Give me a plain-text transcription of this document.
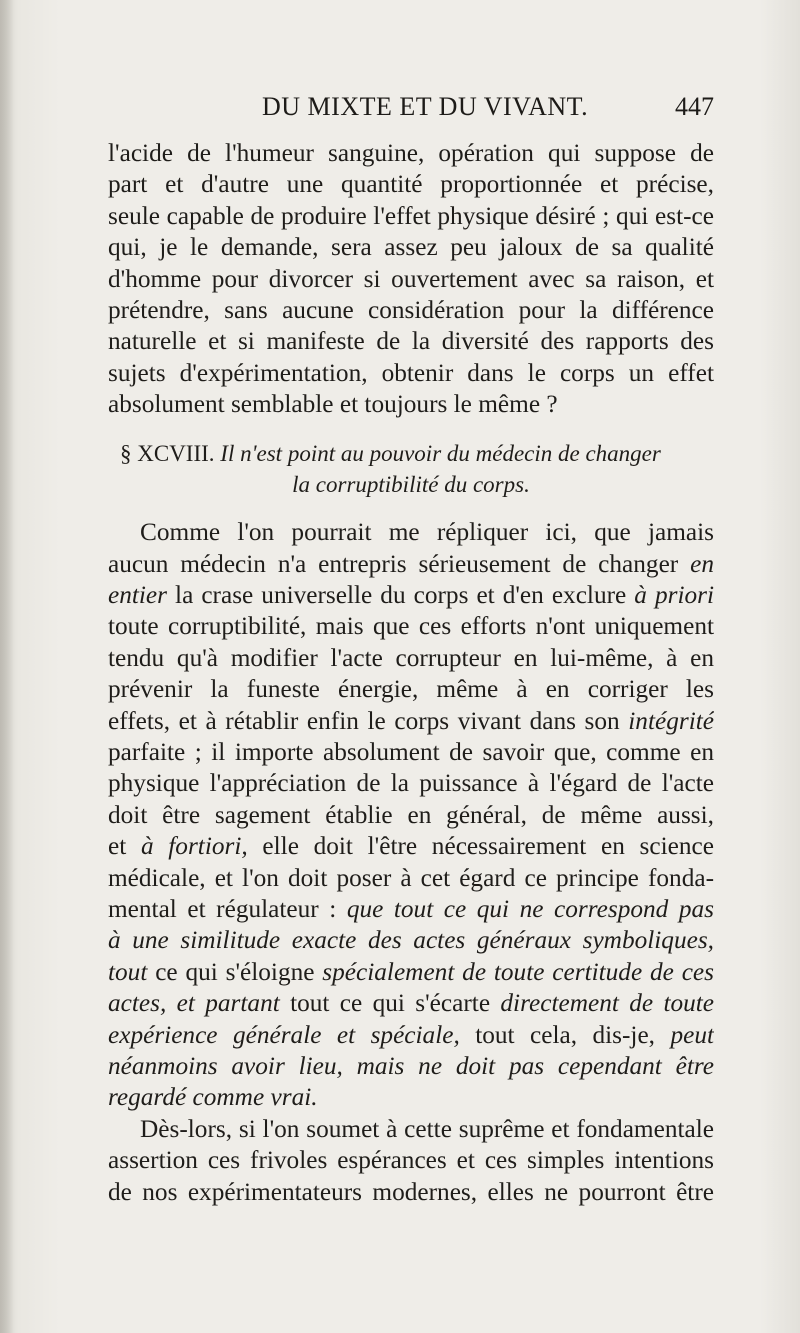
DU MIXTE ET DU VIVANT.	447
l'acide de l'humeur sanguine, opération qui suppose de
part et d'autre une quantité proportionnée et précise,
seule capable de produire l'effet physique désiré ; qui est-ce
qui, je le demande, sera assez peu jaloux de sa qualité
d'homme pour divorcer si ouvertement avec sa raison, et
prétendre, sans aucune considération pour la différence
naturelle et si manifeste de la diversité des rapports des
sujets d'expérimentation, obtenir dans le corps un effet
absolument semblable et toujours le même ?
§ XCVIII. Il n'est point au pouvoir du médecin de changer
la corruptibilité du corps.
Comme l'on pourrait me répliquer ici, que jamais
aucun médecin n'a entrepris sérieusement de changer en
entier la crase universelle du corps et d'en exclure à priori
toute corruptibilité, mais que ces efforts n'ont uniquement
tendu qu'à modifier l'acte corrupteur en lui-même, à en
prévenir la funeste énergie, même à en corriger les
effets, et à rétablir enfin le corps vivant dans son intégrité
parfaite ; il importe absolument de savoir que, comme en
physique l'appréciation de la puissance à l'égard de l'acte
doit être sagement établie en général, de même aussi,
et à fortiori, elle doit l'être nécessairement en science
médicale, et l'on doit poser à cet égard ce principe fonda-
mental et régulateur : que tout ce qui ne correspond pas
à une similitude exacte des actes généraux symboliques,
tout ce qui s'éloigne spécialement de toute certitude de ces
actes, et partant tout ce qui s'écarte directement de toute
expérience générale et spéciale, tout cela, dis-je, peut
néanmoins avoir lieu, mais ne doit pas cependant être
regardé comme vrai.
Dès-lors, si l'on soumet à cette suprême et fondamentale
assertion ces frivoles espérances et ces simples intentions
de nos expérimentateurs modernes, elles ne pourront être
